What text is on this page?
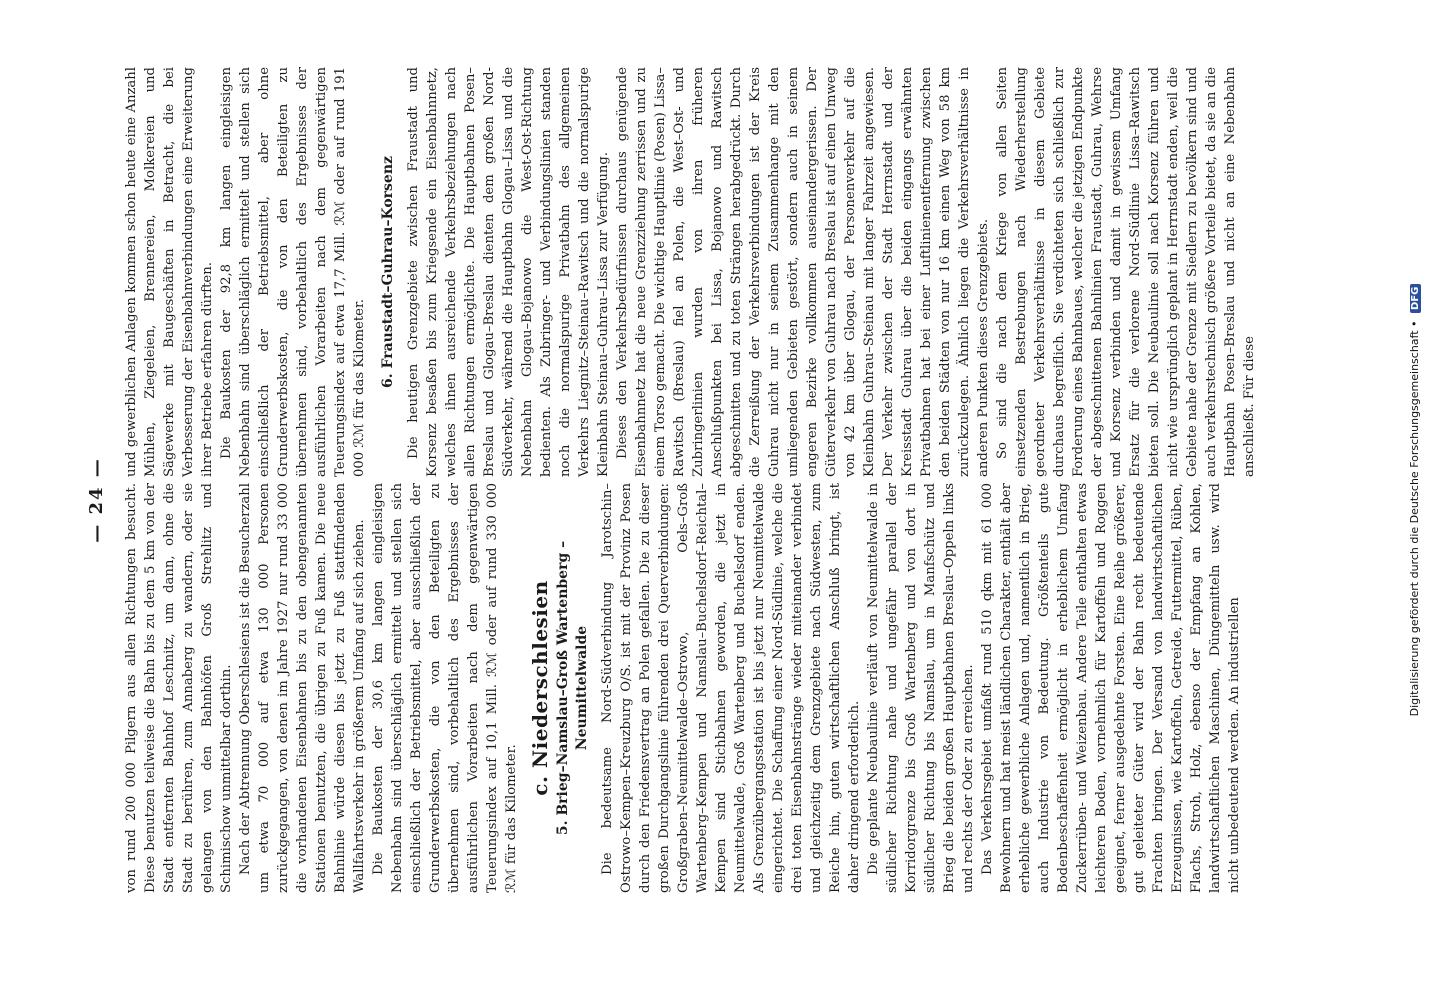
— 24 — von rund 200 000 Pilgern aus allen Richtungen besucht. Diese benutzen teilweise die Bahn bis zu dem 5 km von der Stadt entfernten Bahnhof Leschnitz, um dann, ohne die Stadt zu berühren, zum Annaberg zu wandern, oder sie gelangen von den Bahnhöfen Groß Strehlitz und Schimischow unmittelbar dorthin. Nach der Abtrennung Oberschlesiens ist die Besucherzahl um etwa 70 000 auf etwa 130 000 Personen zurückgegangen, von denen im Jahre 1927 nur rund 33 000 die vorhandenen Eisenbahnen bis zu den obengenannten Stationen benutzten, die übrigen zu Fuß kamen. Die neue Bahnlinie würde diesen bis jetzt zu Fuß stattfindenden Wallfahrtsverkehr in größerem Umfang auf sich ziehen. Die Baukosten der 30,6 km langen eingleisigen Nebenbahn sind überschläglich ermittelt und stellen sich einschließlich der Betriebsmittel, aber ausschließlich der Grunderwerbskosten, die von den Beteiligten zu übernehmen sind, vorbehaltlich des Ergebnisses der ausführlichen Vorarbeiten nach dem gegenwärtigen Teuerungsindex auf 10,1 Mill. ℛℳ oder auf rund 330 000 ℛℳ für das Kilometer.

c. Niederschlesien 5. Brieg–Namslau–Groß Wartenberg –Neumittelwalde Die bedeutsame Nord-Südverbindung Jarotschin–Ostrowo–Kempen–Kreuzburg O/S. ist mit der Provinz Posen durch den Friedensvertrag an Polen gefallen. Die zu dieser großen Durchgangslinie führenden drei Querverbindungen: Großgraben–Neumittelwalde–Ostrowo, Oels–Groß Wartenberg–Kempen und Namslau–Buchelsdorf–Reichtal–Kempen sind Stichbahnen geworden, die jetzt in Neumittelwalde, Groß Wartenberg und Buchelsdorf enden. Als Grenzübergangsstation ist bis jetzt nur Neumittelwalde eingerichtet. Die Schaffung einer Nord-Südlinie, welche die drei toten Eisenbahnstränge wieder miteinander verbindet und gleichzeitig dem Grenzgebiete nach Südwesten, zum Reiche hin, guten wirtschaftlichen Anschluß bringt, ist daher dringend erforderlich. Die geplante Neubaulinie verläuft von Neumittelwalde in südlicher Richtung nahe und ungefähr parallel der Korridorgrenze bis Groß Wartenberg und von dort in südlicher Richtung bis Namslau, um in Manfschütz und Brieg die beiden großen Hauptbahnen Breslau–Oppeln links und rechts der Oder zu erreichen. Das Verkehrsgebiet umfaßt rund 510 qkm mit 61 000 Bewohnern und hat meist ländlichen Charakter, enthält aber erhebliche gewerbliche Anlagen und, namentlich in Brieg, auch Industrie von Bedeutung. Größtenteils gute Bodenbeschaffenheit ermöglicht in erheblichem Umfang Zuckerrüben- und Weizenbau. Andere Teile enthalten etwas leichteren Boden, vornehmlich für Kartoffeln und Roggen geeignet, ferner ausgedehnte Forsten. Eine Reihe größerer, gut geleiteter Güter wird der Bahn recht bedeutende Frachten bringen. Der Versand von landwirtschaftlichen Erzeugnissen, wie Kartoffeln, Getreide, Futtermittel, Rüben, Flachs, Stroh, Holz, ebenso der Empfang an Kohlen, landwirtschaftlichen Maschinen, Düngemitteln usw. wird nicht unbedeutend werden. An industriellen

und gewerblichen Anlagen kommen schon heute eine Anzahl Mühlen, Ziegeleien, Brennereien, Molkereien und Sägewerke mit Baugeschäften in Betracht, die bei Verbesserung der Eisenbahnverbindungen eine Erweiterung ihrer Betriebe erfahren dürften. Die Baukosten der 92,8 km langen eingleisigen Nebenbahn sind überschläglich ermittelt und stellen sich einschließlich der Betriebsmittel, aber ohne Grunderwerbskosten, die von den Beteiligten zu übernehmen sind, vorbehaltlich des Ergebnisses der ausführlichen Vorarbeiten nach dem gegenwärtigen Teuerungsindex auf etwa 17,7 Mill. ℛℳ oder auf rund 191 000 ℛℳ für das Kilometer.

6. Fraustadt–Guhrau–Korsenz Die heutigen Grenzgebiete zwischen Fraustadt und Korsenz besaßen bis zum Kriegsende ein Eisenbahnnetz, welches ihnen ausreichende Verkehrsbeziehungen nach allen Richtungen ermöglichte. Die Hauptbahnen Posen–Breslau und Glogau–Breslau dienten dem großen Nord-Südverkehr, während die Hauptbahn Glogau–Lissa und die Nebenbahn Glogau–Bojanowo die West-Ost-Richtung bedienten. Als Zubringer- und Verbindungslinien standen noch die normalspurige Privatbahn des allgemeinen Verkehrs Liegnitz–Steinau–Rawitsch und die normalspurige Kleinbahn Steinau–Guhrau–Lissa zur Verfügung. Dieses den Verkehrsbedürfnissen durchaus genügende Eisenbahnnetz hat die neue Grenzziehung zerrissen und zu einem Torso gemacht. Die wichtige Hauptlinie (Posen) Lissa–Rawitsch (Breslau) fiel an Polen, die West–Ost- und Zubringerlinien wurden von ihren früheren Anschlußpunkten bei Lissa, Bojanowo und Rawitsch abgeschnitten und zu toten Strängen herabgedrückt. Durch die Zerreißung der Verkehrsverbindungen ist der Kreis Guhrau nicht nur in seinem Zusammenhange mit den umliegenden Gebieten gestört, sondern auch in seinem engeren Bezirke vollkommen auseinandergerissen. Der Güterverkehr von Guhrau nach Breslau ist auf einen Umweg von 42 km über Glogau, der Personenverkehr auf die Kleinbahn Guhrau–Steinau mit langer Fahrzeit angewiesen. Der Verkehr zwischen der Stadt Herrnstadt und der Kreisstadt Guhrau über die beiden eingangs erwähnten Privatbahnen hat bei einer Luftlinienentfernung zwischen den beiden Städten von nur 16 km einen Weg von 58 km zurückzulegen. Ähnlich liegen die Verkehrsverhältnisse in anderen Punkten dieses Grenzgebiets. So sind die nach dem Kriege von allen Seiten einsetzenden Bestrebungen nach Wiederherstellung geordneter Verkehrsverhältnisse in diesem Gebiete durchaus begreiflich. Sie verdichteten sich schließlich zur Forderung eines Bahnbaues, welcher die jetzigen Endpunkte der abgeschnittenen Bahnlinien Fraustadt, Guhrau, Wehrse und Korsenz verbinden und damit in gewissem Umfang Ersatz für die verlorene Nord-Südlinie Lissa–Rawitsch bieten soll. Die Neubaulinie soll nach Korsenz führen und nicht wie ursprünglich geplant in Herrnstadt enden, weil die Gebiete nahe der Grenze mit Siedlern zu bevölkern sind und auch verkehrstechnisch größere Vorteile bietet, da sie an die Hauptbahn Posen–Breslau und nicht an eine Nebenbahn anschließt. Für diese	Digitalisierung gefördert durch die Deutsche Forschungsgemeinschaft • DFG
